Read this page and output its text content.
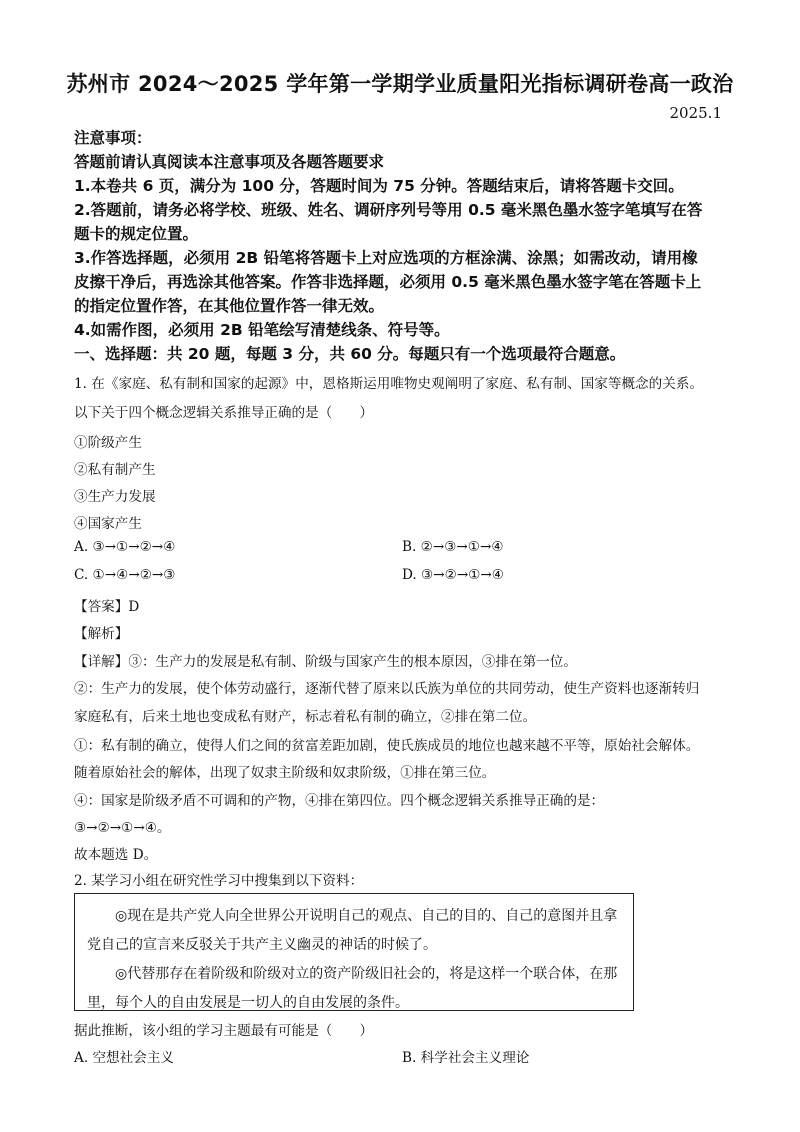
苏州市 2024～2025 学年第一学期学业质量阳光指标调研卷高一政治
2025.1
注意事项：
答题前请认真阅读本注意事项及各题答题要求
1.本卷共 6 页，满分为 100 分，答题时间为 75 分钟。答题结束后，请将答题卡交回。
2.答题前，请务必将学校、班级、姓名、调研序列号等用 0.5 毫米黑色墨水签字笔填写在答
题卡的规定位置。
3.作答选择题，必须用 2B 铅笔将答题卡上对应选项的方框涂满、涂黑；如需改动，请用橡
皮擦干净后，再选涂其他答案。作答非选择题，必须用 0.5 毫米黑色墨水签字笔在答题卡上
的指定位置作答，在其他位置作答一律无效。
4.如需作图，必须用 2B 铅笔绘写清楚线条、符号等。
一、选择题：共 20 题，每题 3 分，共 60 分。每题只有一个选项最符合题意。
1. 在《家庭、私有制和国家的起源》中，恩格斯运用唯物史观阐明了家庭、私有制、国家等概念的关系。
以下关于四个概念逻辑关系推导正确的是（　　）
①阶级产生
②私有制产生
③生产力发展
④国家产生
A. ③→①→②→④	B. ②→③→①→④
C. ①→④→②→③	D. ③→②→①→④
【答案】D
【解析】
【详解】③：生产力的发展是私有制、阶级与国家产生的根本原因，③排在第一位。
②：生产力的发展，使个体劳动盛行，逐渐代替了原来以氏族为单位的共同劳动，使生产资料也逐渐转归
家庭私有，后来土地也变成私有财产，标志着私有制的确立，②排在第二位。
①：私有制的确立，使得人们之间的贫富差距加剧，使氏族成员的地位也越来越不平等，原始社会解体。
随着原始社会的解体，出现了奴隶主阶级和奴隶阶级，①排在第三位。
④：国家是阶级矛盾不可调和的产物，④排在第四位。四个概念逻辑关系推导正确的是：
③→②→①→④。
故本题选 D。
2. 某学习小组在研究性学习中搜集到以下资料：

◎现在是共产党人向全世界公开说明自己的观点、自己的目的、自己的意图并且拿党自己的宣言来反驳关于共产主义幽灵的神话的时候了。

◎代替那存在着阶级和阶级对立的资产阶级旧社会的，将是这样一个联合体，在那里，每个人的自由发展是一切人的自由发展的条件。

据此推断，该小组的学习主题最有可能是（　　）
A. 空想社会主义	B. 科学社会主义理论
